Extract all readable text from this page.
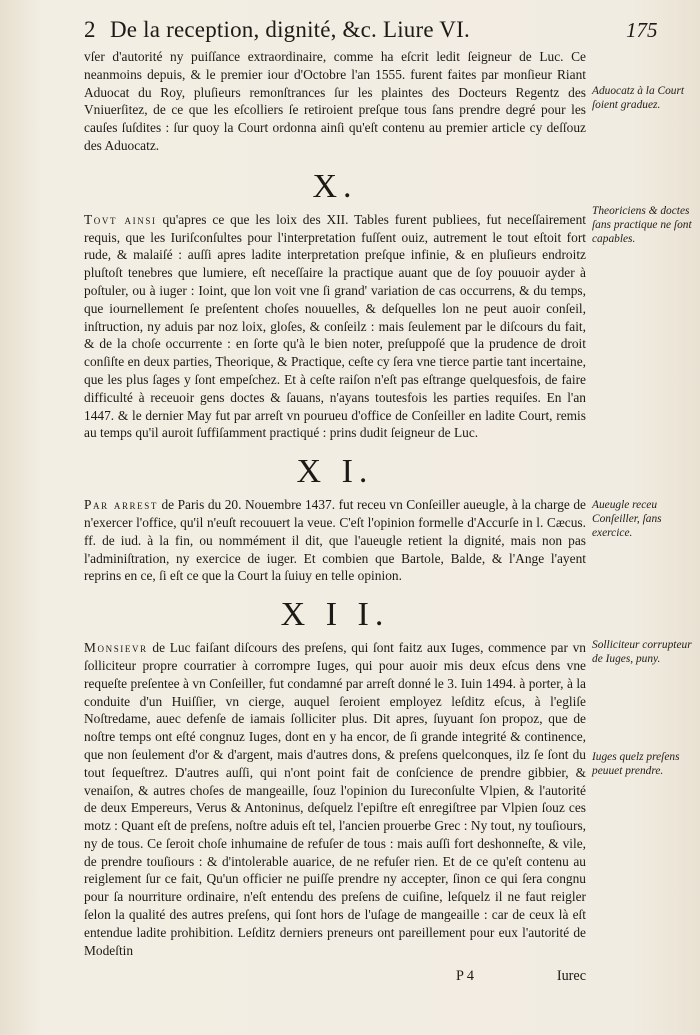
2 De la reception, dignité, &c. Liure VI.	175

vſer d'autorité ny puiſſance extraordinaire, comme ha eſcrit ledit ſeigneur de Luc. Ce neanmoins depuis, & le premier iour d'Octobre l'an 1555. furent faites par monſieur Riant Aduocat du Roy, pluſieurs remonſtrances ſur les plaintes des Docteurs Regentz des Vniuerſitez, de ce que les eſcolliers ſe retiroient preſque tous ſans prendre degré pour les cauſes ſuſdites : ſur quoy la Court ordonna ainſi qu'eſt contenu au premier article cy deſſouz des Aduocatz.

X.

Tovt ainsi qu'apres ce que les loix des XII. Tables furent publiees, fut neceſſairement requis, que les Iuriſconſultes pour l'interpretation fuſſent ouiz, autrement le tout eſtoit fort rude, & malaiſé : auſſi apres ladite interpretation preſque infinie, & en pluſieurs endroitz pluſtoſt tenebres que lumiere, eſt neceſſaire la practique auant que de ſoy pouuoir ayder à poſtuler, ou à iuger : Ioint, que lon voit vne ſi grand' variation de cas occurrens, & du temps, que iournellement ſe preſentent choſes nouuelles, & deſquelles lon ne peut auoir conſeil, inſtruction, ny aduis par noz loix, gloſes, & conſeilz : mais ſeulement par le diſcours du fait, & de la choſe occurrente : en ſorte qu'à le bien noter, preſuppoſé que la prudence de droit conſiſte en deux parties, Theorique, & Practique, ceſte cy ſera vne tierce partie tant incertaine, que les plus ſages y ſont empeſchez. Et à ceſte raiſon n'eſt pas eſtrange quelquesfois, de faire difficulté à receuoir gens doctes & ſauans, n'ayans toutesfois les parties requiſes. En l'an 1447. & le dernier May fut par arreſt vn pourueu d'office de Conſeiller en ladite Court, remis au temps qu'il auroit ſuffiſamment practiqué : prins dudit ſeigneur de Luc.

X I.

Par arrest de Paris du 20. Nouembre 1437. fut receu vn Conſeiller aueugle, à la charge de n'exercer l'office, qu'il n'euſt recouuert la veue. C'eſt l'opinion formelle d'Accurſe in l. Cæcus. ff. de iud. à la fin, ou nommément il dit, que l'aueugle retient la dignité, mais non pas l'adminiſtration, ny exercice de iuger. Et combien que Bartole, Balde, & l'Ange l'ayent reprins en ce, ſi eſt ce que la Court la ſuiuy en telle opinion.

X I I.

Monsievr de Luc faiſant diſcours des preſens, qui ſont faitz aux Iuges, commence par vn ſolliciteur propre courratier à corrompre Iuges, qui pour auoir mis deux eſcus dens vne requeſte preſentee à vn Conſeiller, fut condamné par arreſt donné le 3. Iuin 1494. à porter, à la conduite d'un Huiſſier, vn cierge, auquel ſeroient employez leſditz eſcus, à l'egliſe Noſtredame, auec defenſe de iamais ſolliciter plus. Dit apres, ſuyuant ſon propoz, que de noſtre temps ont eſté congnuz Iuges, dont en y ha encor, de ſi grande integrité & continence, que non ſeulement d'or & d'argent, mais d'autres dons, & preſens quelconques, ilz ſe ſont du tout ſequeſtrez. D'autres auſſi, qui n'ont point fait de conſcience de prendre gibbier, & venaiſon, & autres choſes de mangeaille, ſouz l'opinion du Iureconſulte Vlpien, & l'autorité de deux Empereurs, Verus & Antoninus, deſquelz l'epiſtre eſt enregiſtree par Vlpien ſouz ces motz : Quant eſt de preſens, noſtre aduis eſt tel, l'ancien prouerbe Grec : Ny tout, ny touſiours, ny de tous. Ce ſeroit choſe inhumaine de refuſer de tous : mais auſſi fort deshonneſte, & vile, de prendre touſiours : & d'intolerable auarice, de ne refuſer rien. Et de ce qu'eſt contenu au reiglement ſur ce fait, Qu'un officier ne puiſſe prendre ny accepter, ſinon ce qui ſera congnu pour ſa nourriture ordinaire, n'eſt entendu des preſens de cuiſine, leſquelz il ne faut reigler ſelon la qualité des autres preſens, qui ſont hors de l'uſage de mangeaille : car de ceux là eſt entendue ladite prohibition. Leſditz derniers preneurs ont pareillement pour eux l'autorité de Modeſtin

Aduocatz à la Court ſoient graduez.
Theoriciens & doctes ſans practique ne ſont capables.
Aueugle receu Conſeiller, ſans exercice.
Solliciteur corrupteur de Iuges, puny.
Iuges quelz preſens peuuet prendre.
P 4	Iurec
